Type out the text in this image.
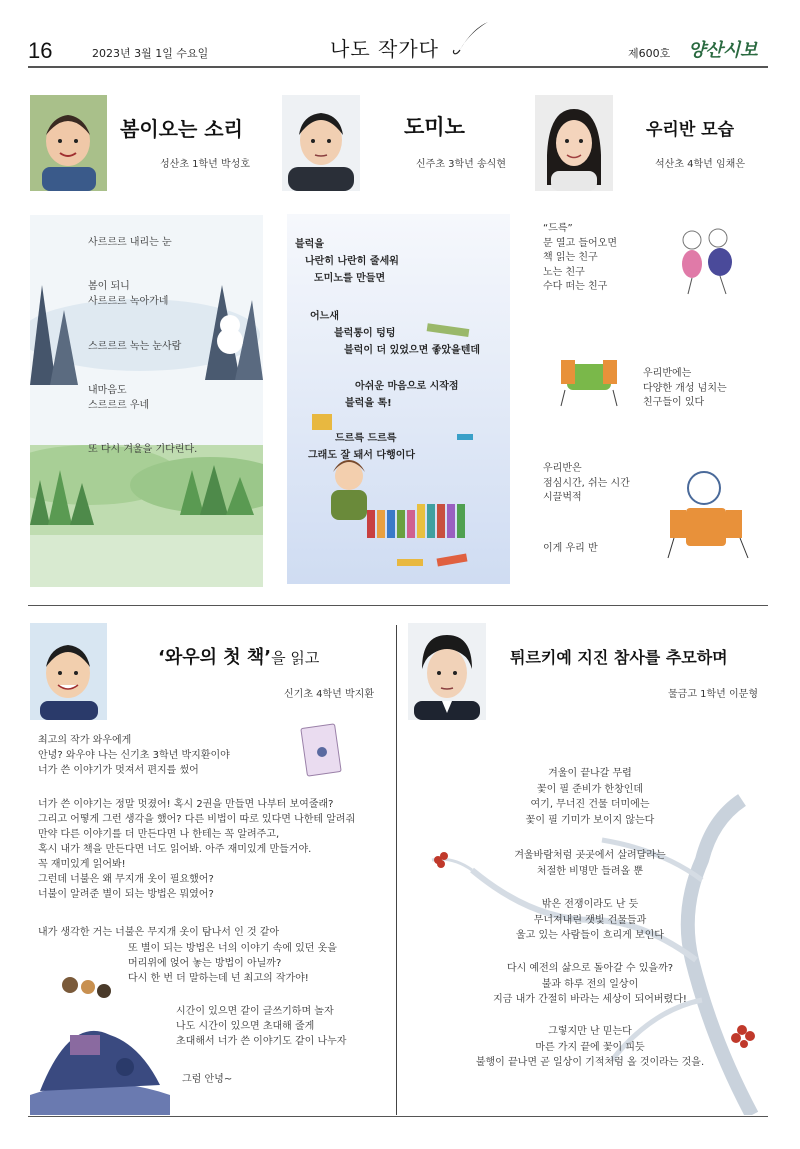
16	2023년 3월 1일 수요일	나도 작가다	제600호 양산시보
봄이오는 소리
성산초 1학년 박성호
사르르르 내리는 눈
봄이 되니
사르르르 녹아가네
스르르르 녹는 눈사람
내마음도
스르르르 우네
또 다시 겨울을 기다린다.
도미노
신주초 3학년 송식현
블럭을
나란히 나란히 줄세워
도미노를 만들면
어느새
블럭통이 텅텅
블럭이 더 있었으면 좋았을텐데
아쉬운 마음으로 시작점
블럭을 톡!
드르륵 드르륵
그래도 잘 돼서 다행이다
우리반 모습
석산초 4학년 임채은
“드륵”
문 열고 들어오면
책 읽는 친구
노는 친구
수다 떠는 친구
우리반에는
다양한 개성 넘치는
친구들이 있다
우리반은
점심시간, 쉬는 시간
시끌벅적
이게 우리 반
‘와우의 첫 책’을 읽고
신기초 4학년 박지환
최고의 작가 와우에게
안녕? 와우야 나는 신기초 3학년 박지환이야
너가 쓴 이야기가 멋져서 편지를 썼어
너가 쓴 이야기는 정말 멋졌어! 혹시 2권을 만들면 나부터 보여줄래?
그리고 어떻게 그런 생각을 했어? 다른 비법이 따로 있다면 나한테 알려줘
만약 다른 이야기를 더 만든다면 나 한테는 꼭 알려주고,
혹시 내가 책을 만든다면 너도 읽어봐. 아주 재미있게 만들거야.
꼭 재미있게 읽어봐!
그런데 너불은 왜 무지개 옷이 필요했어?
너불이 알려준 별이 되는 방법은 뭐였어?
내가 생각한 거는 너불은 무지개 옷이 탐나서 인 것 같아
또 별이 되는 방법은 너의 이야기 속에 있던 옷을
머리위에 얹어 놓는 방법이 아닐까?
다시 한 번 더 말하는데 넌 최고의 작가야!
시간이 있으면 같이 글쓰기하며 놀자
나도 시간이 있으면 초대해 줄게
초대해서 너가 쓴 이야기도 같이 나누자
그럼 안녕~
튀르키예 지진 참사를 추모하며
물금고 1학년 이문형
겨울이 끝나갈 무렵
꽃이 필 준비가 한창인데
여기, 무너진 건물 더미에는
꽃이 필 기미가 보이지 않는다
겨울바람처럼 곳곳에서 살려달라는
처절한 비명만 들려올 뿐
밖은 전쟁이라도 난 듯
무너져내린 잿빛 건물들과
울고 있는 사람들이 흐리게 보인다
다시 예전의 삶으로 돌아갈 수 있을까?
불과 하루 전의 일상이
지금 내가 간절히 바라는 세상이 되어버렸다!
그렇지만 난 믿는다
마른 가지 끝에 꽃이 피듯
불행이 끝나면 곧 일상이 기적처럼 올 것이라는 것을.
